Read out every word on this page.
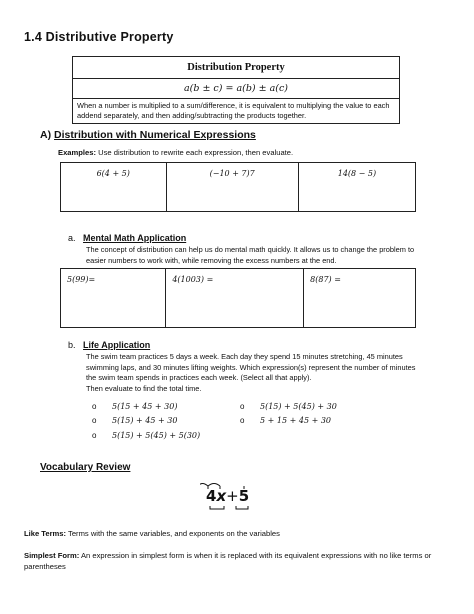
1.4 Distributive Property
Distribution Property
a(b ± c) = a(b) ± a(c)
When a number is multiplied to a sum/difference, it is equivalent to multiplying the value to each addend separately, and then adding/subtracting the products together.
A) Distribution with Numerical Expressions
Examples: Use distribution to rewrite each expression, then evaluate.
6(4 + 5)	(−10 + 7)7	14(8 − 5)
a. Mental Math Application
The concept of distribution can help us do mental math quickly. It allows us to change the problem to easier numbers to work with, while removing the excess numbers at the end.
5(99)=	4(1003) =	8(87) =
b. Life Application
The swim team practices 5 days a week. Each day they spend 15 minutes stretching, 45 minutes swimming laps, and 30 minutes lifting weights. Which expression(s) represent the number of minutes the swim team spends in practices each week. (Select all that apply).
Then evaluate to find the total time.
o 5(15 + 45 + 30)	o 5(15) + 5(45) + 30
o 5(15) + 45 + 30	o 5 + 15 + 45 + 30
o 5(15) + 5(45) + 5(30)
Vocabulary Review
4x+5
Like Terms: Terms with the same variables, and exponents on the variables
Simplest Form: An expression in simplest form is when it is replaced with its equivalent expressions with no like terms or parentheses
